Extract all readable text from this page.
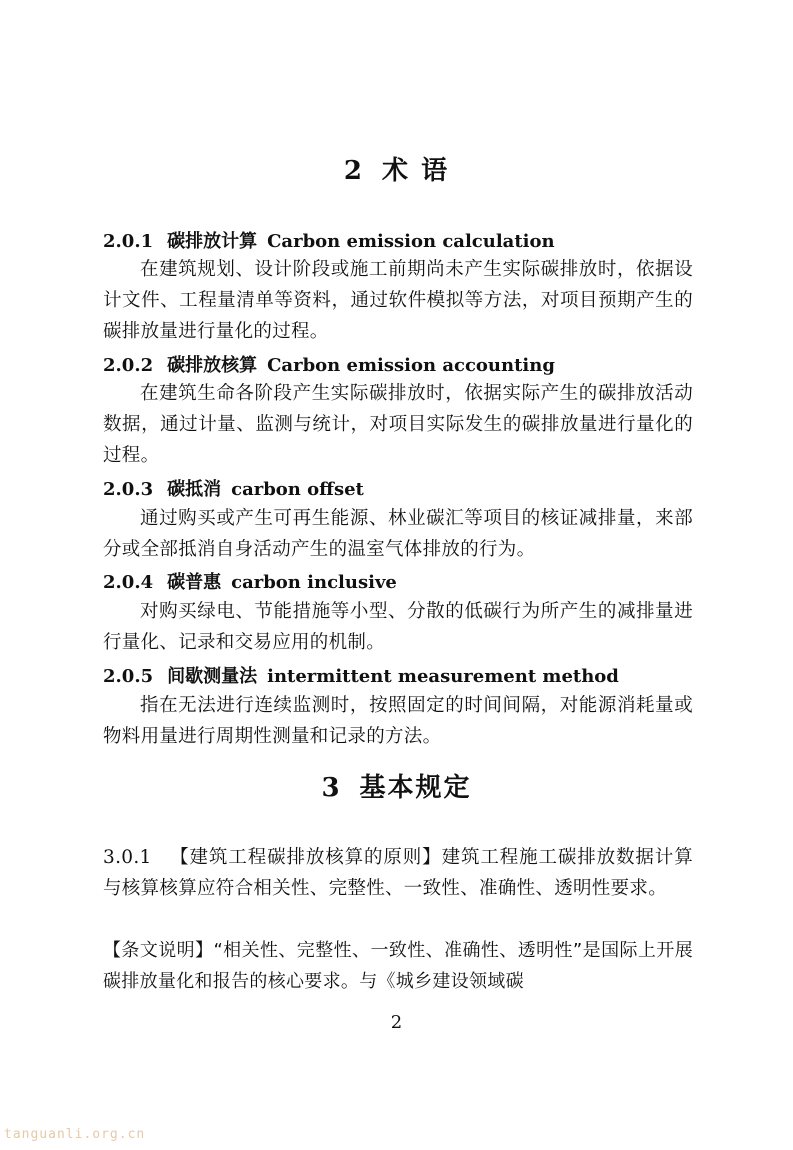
2 术 语
2.0.1 碳排放计算 Carbon emission calculation
在建筑规划、设计阶段或施工前期尚未产生实际碳排放时，依据设计文件、工程量清单等资料，通过软件模拟等方法，对项目预期产生的碳排放量进行量化的过程。
2.0.2 碳排放核算 Carbon emission accounting
在建筑生命各阶段产生实际碳排放时，依据实际产生的碳排放活动数据，通过计量、监测与统计，对项目实际发生的碳排放量进行量化的过程。
2.0.3 碳抵消 carbon offset
通过购买或产生可再生能源、林业碳汇等项目的核证减排量，来部分或全部抵消自身活动产生的温室气体排放的行为。
2.0.4 碳普惠 carbon inclusive
对购买绿电、节能措施等小型、分散的低碳行为所产生的减排量进行量化、记录和交易应用的机制。
2.0.5 间歇测量法 intermittent measurement method
指在无法进行连续监测时，按照固定的时间间隔，对能源消耗量或物料用量进行周期性测量和记录的方法。
3 基本规定
3.0.1 【建筑工程碳排放核算的原则】建筑工程施工碳排放数据计算与核算核算应符合相关性、完整性、一致性、准确性、透明性要求。
【条文说明】“相关性、完整性、一致性、准确性、透明性”是国际上开展碳排放量化和报告的核心要求。与《城乡建设领域碳
2
tanguanli.org.cn
